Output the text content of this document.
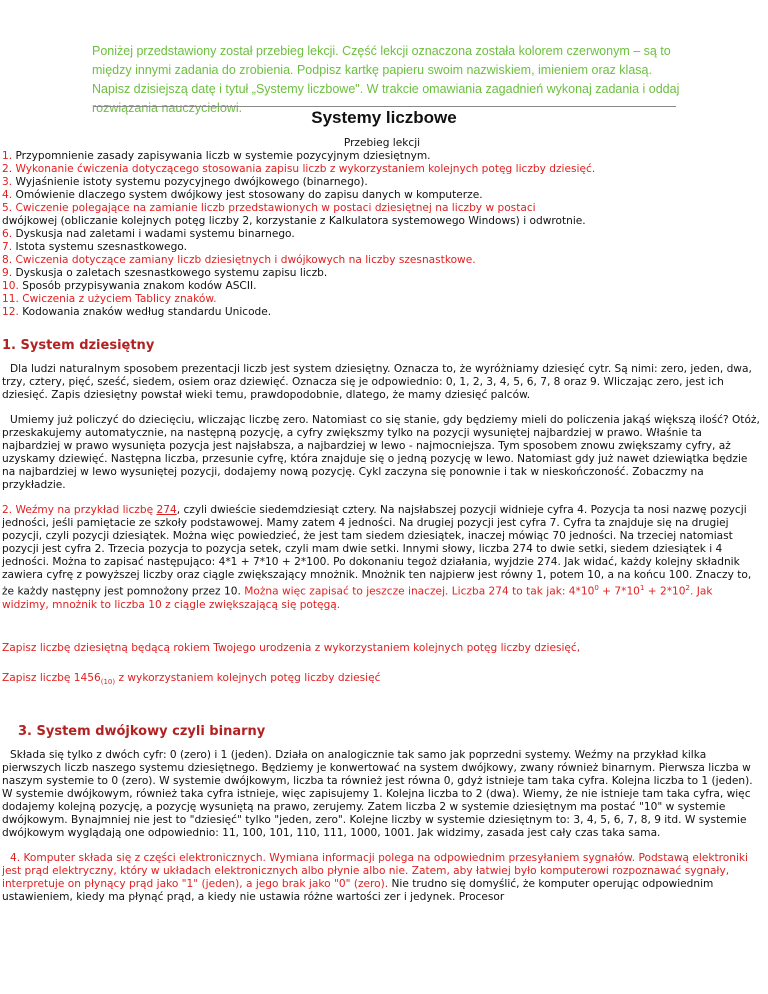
Poniżej przedstawiony został przebieg lekcji. Część lekcji oznaczona została kolorem czerwonym – są to między innymi zadania do zrobienia. Podpisz kartkę papieru swoim nazwiskiem, imieniem oraz klasą. Napisz dzisiejszą datę i tytuł „Systemy liczbowe". W trakcie omawiania zagadnień wykonaj zadania i oddaj rozwiązania nauczycielowi.	Systemy liczbowe
Przebieg lekcji
1. Przypomnienie zasady zapisywania liczb w systemie pozycyjnym dziesiętnym.
2. Wykonanie ćwiczenia dotyczącego stosowania zapisu liczb z wykorzystaniem kolejnych potęg liczby dziesięć.
3. Wyjaśnienie istoty systemu pozycyjnego dwójkowego (binarnego).
4. Omówienie dlaczego system dwójkowy jest stosowany do zapisu danych w komputerze.
5. Ćwiczenie polegające na zamianie liczb przedstawionych w postaci dziesiętnej na liczby w postaci
dwójkowej (obliczanie kolejnych potęg liczby 2, korzystanie z Kalkulatora systemowego Windows) i odwrotnie.
6. Dyskusja nad zaletami i wadami systemu binarnego.
7. Istota systemu szesnastkowego.
8. Ćwiczenia dotyczące zamiany liczb dziesiętnych i dwójkowych na liczby szesnastkowe.
9. Dyskusja o zaletach szesnastkowego systemu zapisu liczb.
10. Sposób przypisywania znakom kodów ASCII.
11. Ćwiczenia z użyciem Tablicy znaków.
12. Kodowania znaków według standardu Unicode.
1. System dziesiętny

Dla ludzi naturalnym sposobem prezentacji liczb jest system dziesiętny. Oznacza to, że wyróżniamy dziesięć cytr. Są nimi: zero, jeden, dwa, trzy, cztery, pięć, sześć, siedem, osiem oraz dziewięć. Oznacza się je odpowiednio: 0, 1, 2, 3, 4, 5, 6, 7, 8 oraz 9. Wliczając zero, jest ich dziesięć. Zapis dziesiętny powstał wieki temu, prawdopodobnie, dlatego, że mamy dziesięć palców.

Umiemy już policzyć do dziecięciu, wliczając liczbę zero. Natomiast co się stanie, gdy będziemy mieli do policzenia jakąś większą ilość? Otóż, przeskakujemy automatycznie, na następną pozycję, a cyfry zwiększmy tylko na pozycji wysuniętej najbardziej w prawo. Właśnie ta najbardziej w prawo wysunięta pozycja jest najsłabsza, a najbardziej w lewo - najmocniejsza. Tym sposobem znowu zwiększamy cyfry, aż uzyskamy dziewięć. Następna liczba, przesunie cyfrę, która znajduje się o jedną pozycję w lewo. Natomiast gdy już nawet dziewiątka będzie na najbardziej w lewo wysuniętej pozycji, dodajemy nową pozycję. Cykl zaczyna się ponownie i tak w nieskończoność. Zobaczmy na przykładzie.

2. Weźmy na przykład liczbę 274, czyli dwieście siedemdziesiąt cztery. Na najsłabszej pozycji widnieje cyfra 4. Pozycja ta nosi nazwę pozycji jedności, jeśli pamiętacie ze szkoły podstawowej. Mamy zatem 4 jedności. Na drugiej pozycji jest cyfra 7. Cyfra ta znajduje się na drugiej pozycji, czyli pozycji dziesiątek. Można więc powiedzieć, że jest tam siedem dziesiątek, inaczej mówiąc 70 jedności. Na trzeciej natomiast pozycji jest cyfra 2. Trzecia pozycja to pozycja setek, czyli mam dwie setki. Innymi słowy, liczba 274 to dwie setki, siedem dziesiątek i 4 jedności. Można to zapisać następująco: 4*1 + 7*10 + 2*100. Po dokonaniu tegoż działania, wyjdzie 274. Jak widać, każdy kolejny składnik zawiera cyfrę z powyższej liczby oraz ciągle zwiększający mnożnik. Mnożnik ten najpierw jest równy 1, potem 10, a na końcu 100. Znaczy to, że każdy następny jest pomnożony przez 10. Można więc zapisać to jeszcze inaczej. Liczba 274 to tak jak: $4*10^0 + 7*10^1 + 2*10^2$. Jak widzimy, mnożnik to liczba 10 z ciągle zwiększającą się potęgą.

Zapisz liczbę dziesiętną będącą rokiem Twojego urodzenia z wykorzystaniem kolejnych potęg liczby dziesięć,

Zapisz liczbę $1456_{(10)}$ z wykorzystaniem kolejnych potęg liczby dziesięć

3. System dwójkowy czyli binarny

Składa się tylko z dwóch cyfr: 0 (zero) i 1 (jeden). Działa on analogicznie tak samo jak poprzedni systemy. Weźmy na przykład kilka pierwszych liczb naszego systemu dziesiętnego. Będziemy je konwertować na system dwójkowy, zwany również binarnym. Pierwsza liczba w naszym systemie to 0 (zero). W systemie dwójkowym, liczba ta również jest równa 0, gdyż istnieje tam taka cyfra. Kolejna liczba to 1 (jeden). W systemie dwójkowym, również taka cyfra istnieje, więc zapisujemy 1. Kolejna liczba to 2 (dwa). Wiemy, że nie istnieje tam taka cyfra, więc dodajemy kolejną pozycję, a pozycję wysuniętą na prawo, zerujemy. Zatem liczba 2 w systemie dziesiętnym ma postać "10" w systemie dwójkowym. Bynajmniej nie jest to "dziesięć" tylko "jeden, zero". Kolejne liczby w systemie dziesiętnym to: 3, 4, 5, 6, 7, 8, 9 itd. W systemie dwójkowym wyglądają one odpowiednio: 11, 100, 101, 110, 111, 1000, 1001. Jak widzimy, zasada jest cały czas taka sama.

4. Komputer składa się z części elektronicznych. Wymiana informacji polega na odpowiednim przesyłaniem sygnałów. Podstawą elektroniki jest prąd elektryczny, który w układach elektronicznych albo płynie albo nie. Zatem, aby łatwiej było komputerowi rozpoznawać sygnały, interpretuje on płynący prąd jako "1" (jeden), a jego brak jako "0" (zero). Nie trudno się domyślić, że komputer operując odpowiednim ustawieniem, kiedy ma płynąć prąd, a kiedy nie ustawia różne wartości zer i jedynek. Procesor
